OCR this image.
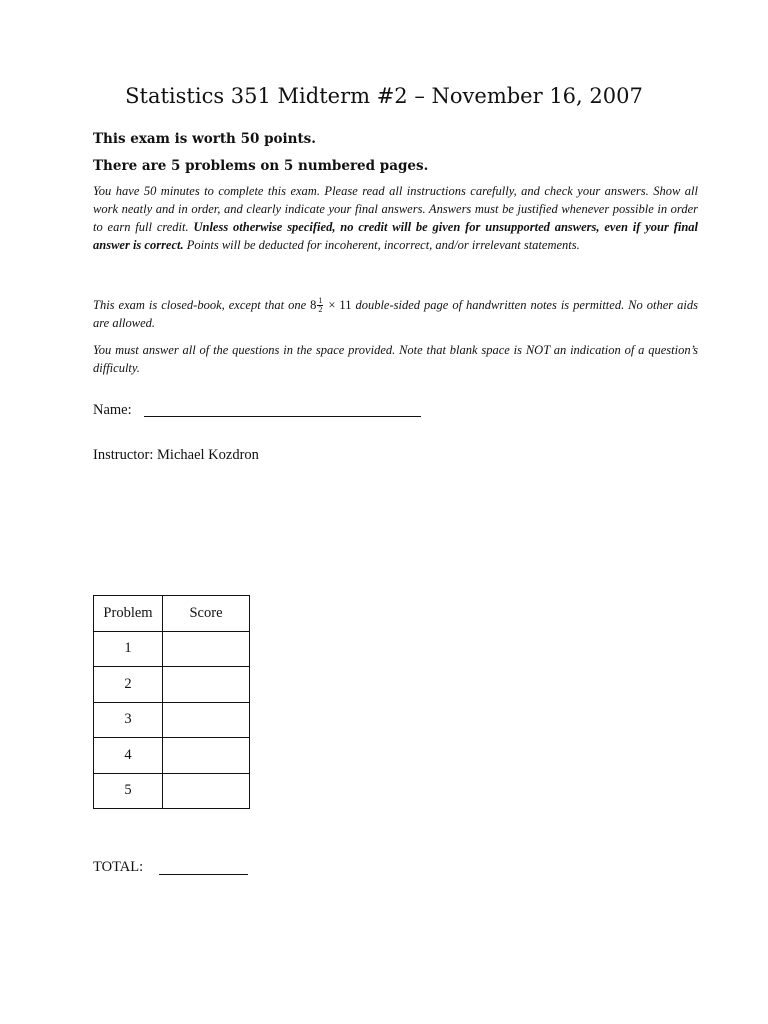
Statistics 351 Midterm #2 – November 16, 2007
This exam is worth 50 points.
There are 5 problems on 5 numbered pages.
You have 50 minutes to complete this exam. Please read all instructions carefully, and check your answers. Show all work neatly and in order, and clearly indicate your final answers. Answers must be justified whenever possible in order to earn full credit. Unless otherwise specified, no credit will be given for unsupported answers, even if your final answer is correct. Points will be deducted for incoherent, incorrect, and/or irrelevant statements.
This exam is closed-book, except that one $8 \frac{1}{2} \times 11$ double-sided page of handwritten notes is permitted. No other aids are allowed.
You must answer all of the questions in the space provided. Note that blank space is NOT an indication of a question’s difficulty.
Name:
Instructor: Michael Kozdron
Problem	Score
1	
2	
3	
4	
5	
TOTAL:
